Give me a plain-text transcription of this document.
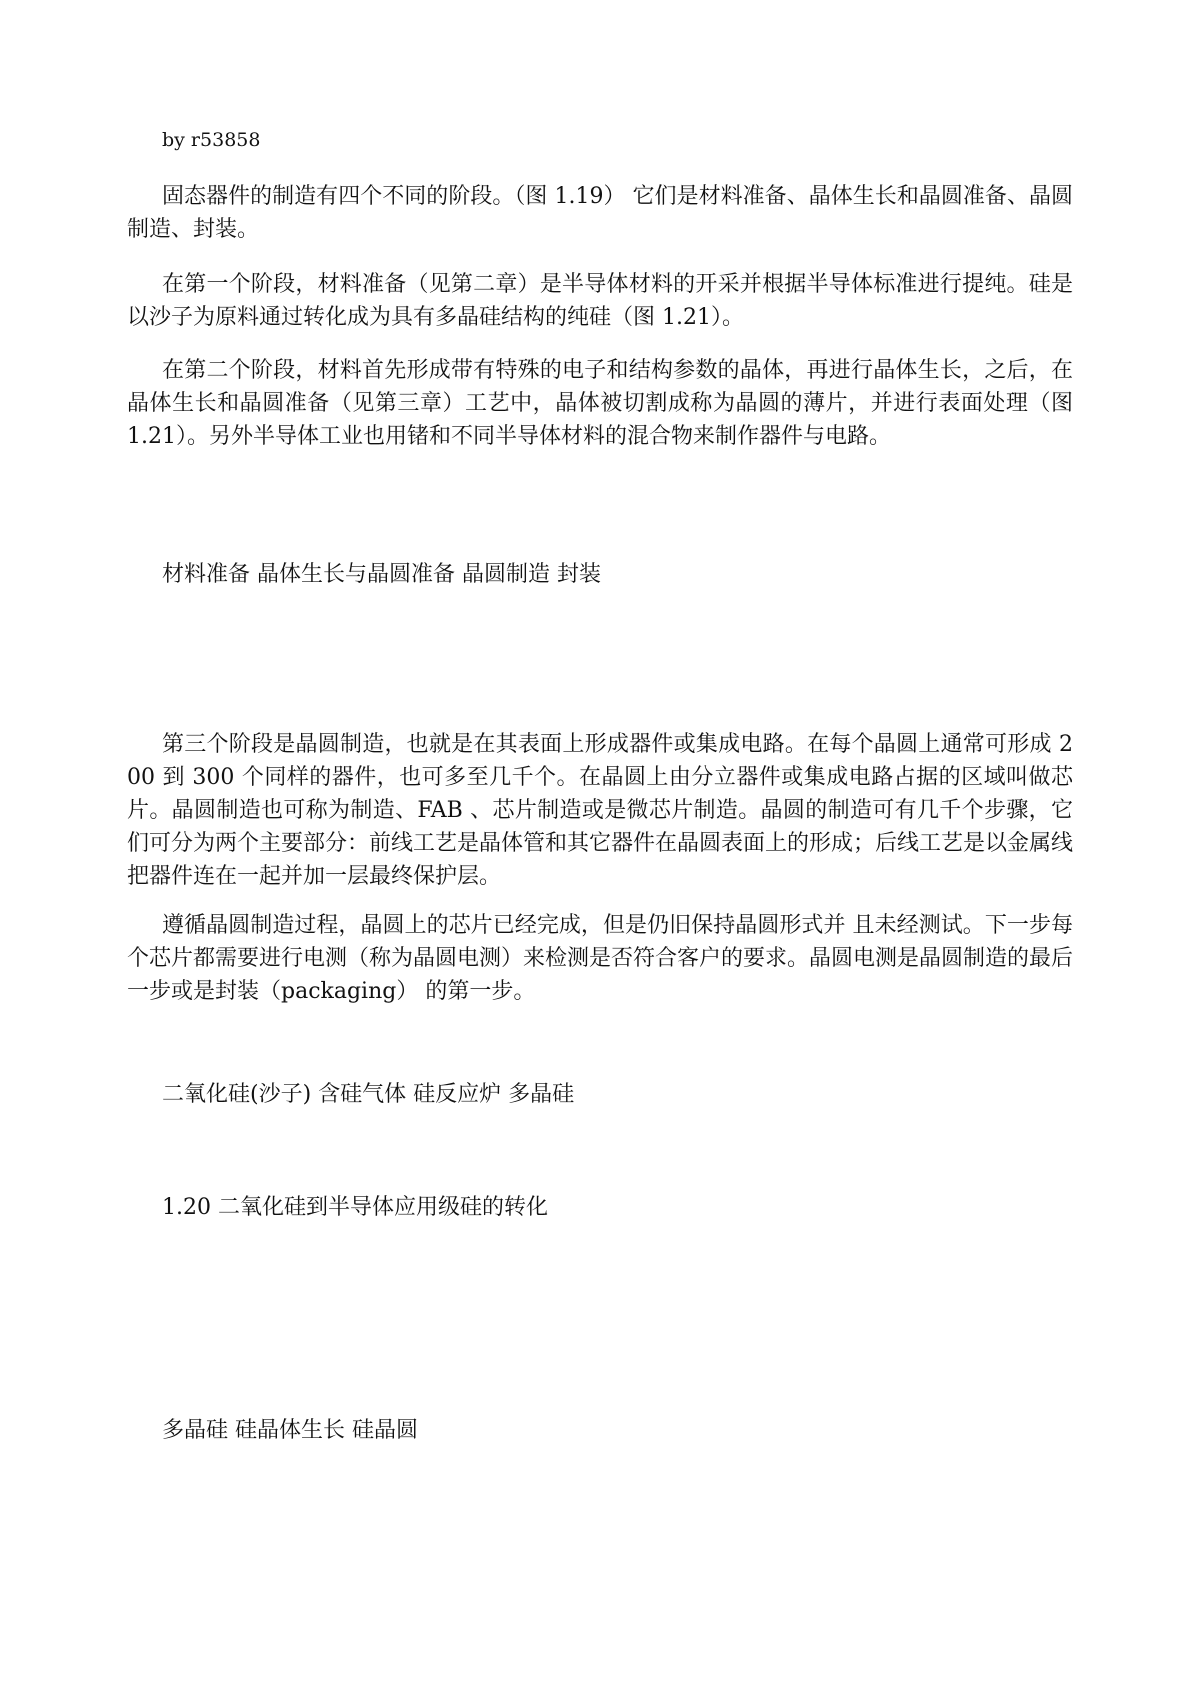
by r53858

固态器件的制造有四个不同的阶段。（图 1.19） 它们是材料准备、晶体生长和晶圆准备、晶圆制造、封装。

在第一个阶段，材料准备（见第二章）是半导体材料的开采并根据半导体标准进行提纯。硅是以沙子为原料通过转化成为具有多晶硅结构的纯硅（图 1.21）。

在第二个阶段，材料首先形成带有特殊的电子和结构参数的晶体，再进行晶体生长，之后，在晶体生长和晶圆准备（见第三章）工艺中，晶体被切割成称为晶圆的薄片，并进行表面处理（图 1.21）。另外半导体工业也用锗和不同半导体材料的混合物来制作器件与电路。

材料准备 晶体生长与晶圆准备 晶圆制造 封装

第三个阶段是晶圆制造，也就是在其表面上形成器件或集成电路。在每个晶圆上通常可形成 200 到 300 个同样的器件，也可多至几千个。在晶圆上由分立器件或集成电路占据的区域叫做芯片。晶圆制造也可称为制造、FAB 、芯片制造或是微芯片制造。晶圆的制造可有几千个步骤，它们可分为两个主要部分：前线工艺是晶体管和其它器件在晶圆表面上的形成；后线工艺是以金属线把器件连在一起并加一层最终保护层。

遵循晶圆制造过程，晶圆上的芯片已经完成，但是仍旧保持晶圆形式并 且未经测试。下一步每个芯片都需要进行电测（称为晶圆电测）来检测是否符合客户的要求。晶圆电测是晶圆制造的最后一步或是封装（packaging） 的第一步。

二氧化硅(沙子) 含硅气体 硅反应炉 多晶硅
1.20 二氧化硅到半导体应用级硅的转化
多晶硅 硅晶体生长 硅晶圆
